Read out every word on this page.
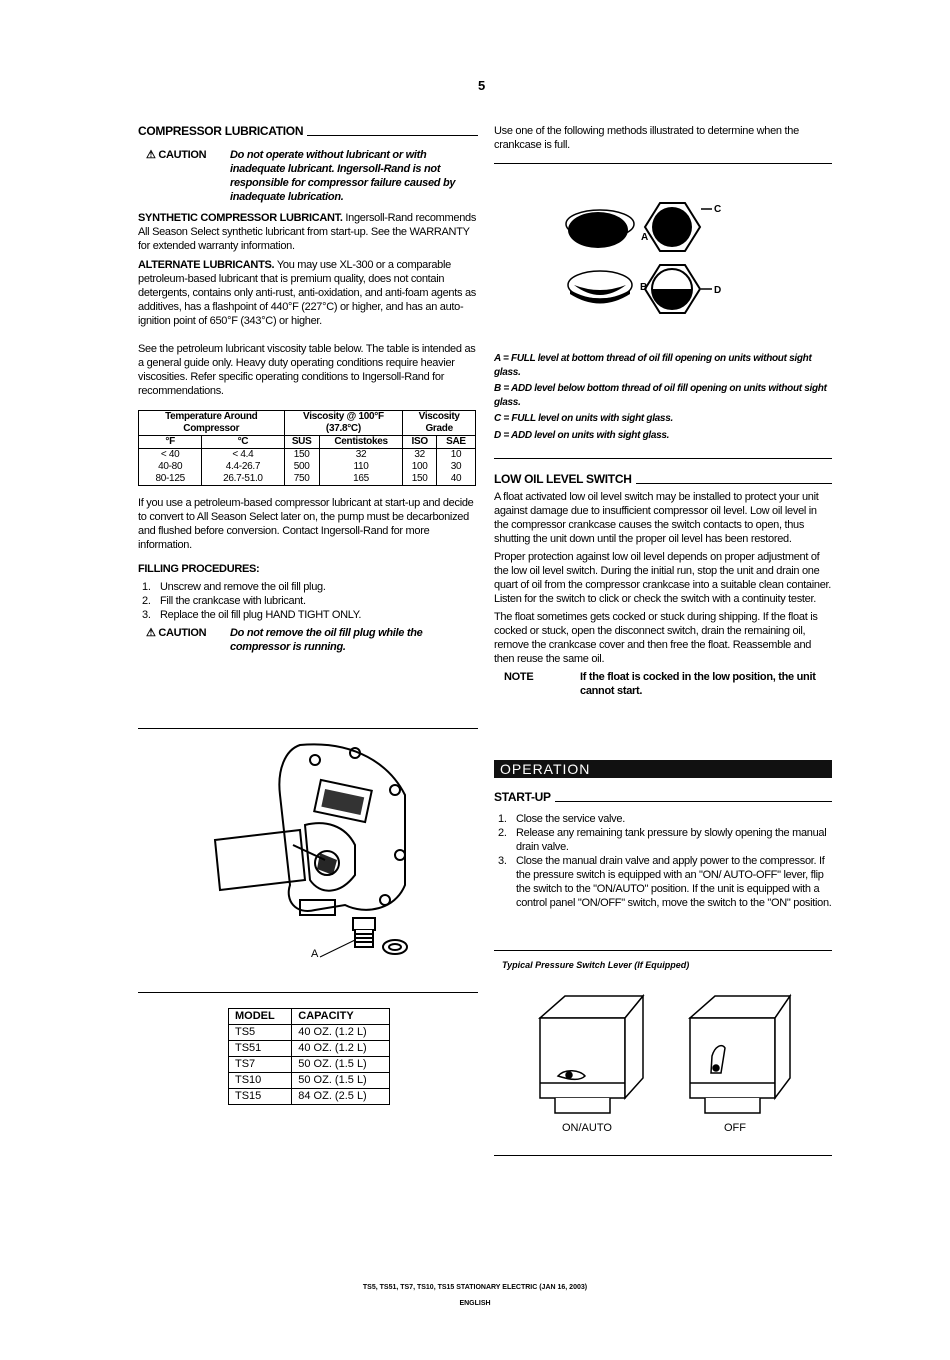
5
COMPRESSOR LUBRICATION
⚠ CAUTION	Do not operate without lubricant or with inadequate lubricant. Ingersoll-Rand is not responsible for compressor failure caused by inadequate lubrication.

SYNTHETIC COMPRESSOR LUBRICANT. Ingersoll-Rand recommends All Season Select synthetic lubricant from start-up. See the WARRANTY for extended warranty information.

ALTERNATE LUBRICANTS. You may use XL-300 or a comparable petroleum-based lubricant that is premium quality, does not contain detergents, contains only anti-rust, anti-oxidation, and anti-foam agents as additives, has a flashpoint of 440°F (227°C) or higher, and has an auto-ignition point of 650°F (343°C) or higher.

See the petroleum lubricant viscosity table below. The table is intended as a general guide only. Heavy duty operating conditions require heavier viscosities. Refer specific operating conditions to Ingersoll-Rand for recommendations.

Temperature Around Compressor		Viscosity @ 100°F (37.8°C)		Viscosity Grade	
°F	°C	SUS	Centistokes	ISO	SAE
< 40	< 4.4	150	32	32	10
40-80	4.4-26.7	500	110	100	30
80-125	26.7-51.0	750	165	150	40

If you use a petroleum-based compressor lubricant at start-up and decide to convert to All Season Select later on, the pump must be decarbonized and flushed before conversion. Contact Ingersoll-Rand for more information.

FILLING PROCEDURES:

1. Unscrew and remove the oil fill plug.
2. Fill the crankcase with lubricant.
3. Replace the oil fill plug HAND TIGHT ONLY.
⚠ CAUTION	Do not remove the oil fill plug while the compressor is running.
A
MODEL	CAPACITY
TS5	40 OZ. (1.2 L)
TS51	40 OZ. (1.2 L)
TS7	50 OZ. (1.5 L)
TS10	50 OZ. (1.5 L)
TS15	84 OZ. (2.5 L)

Use one of the following methods illustrated to determine when the crankcase is full.

A
B
C
D

A = FULL level at bottom thread of oil fill opening on units without sight glass.

B = ADD level below bottom thread of oil fill opening on units without sight glass.

C = FULL level on units with sight glass.

D = ADD level on units with sight glass.

LOW OIL LEVEL SWITCH

A float activated low oil level switch may be installed to protect your unit against damage due to insufficient compressor oil level. Low oil level in the compressor crankcase causes the switch contacts to open, thus shutting the unit down until the proper oil level has been restored.

Proper protection against low oil level depends on proper adjustment of the low oil level switch. During the initial run, stop the unit and drain one quart of oil from the compressor crankcase into a suitable clean container. Listen for the switch to click or check the switch with a continuity tester.

The float sometimes gets cocked or stuck during shipping. If the float is cocked or stuck, open the disconnect switch, drain the remaining oil, remove the crankcase cover and then free the float. Reassemble and then reuse the same oil.

NOTE	If the float is cocked in the low position, the unit cannot start.
OPERATION
START-UP
1. Close the service valve.
2. Release any remaining tank pressure by slowly opening the manual drain valve.
3. Close the manual drain valve and apply power to the compressor. If the pressure switch is equipped with an "ON/ AUTO-OFF" lever, flip the switch to the "ON/AUTO" position. If the unit is equipped with a control panel "ON/OFF" switch, move the switch to the "ON" position.
Typical Pressure Switch Lever (If Equipped)
ON/AUTO	OFF
TS5, TS51, TS7, TS10, TS15 STATIONARY ELECTRIC (JAN 16, 2003)
ENGLISH
